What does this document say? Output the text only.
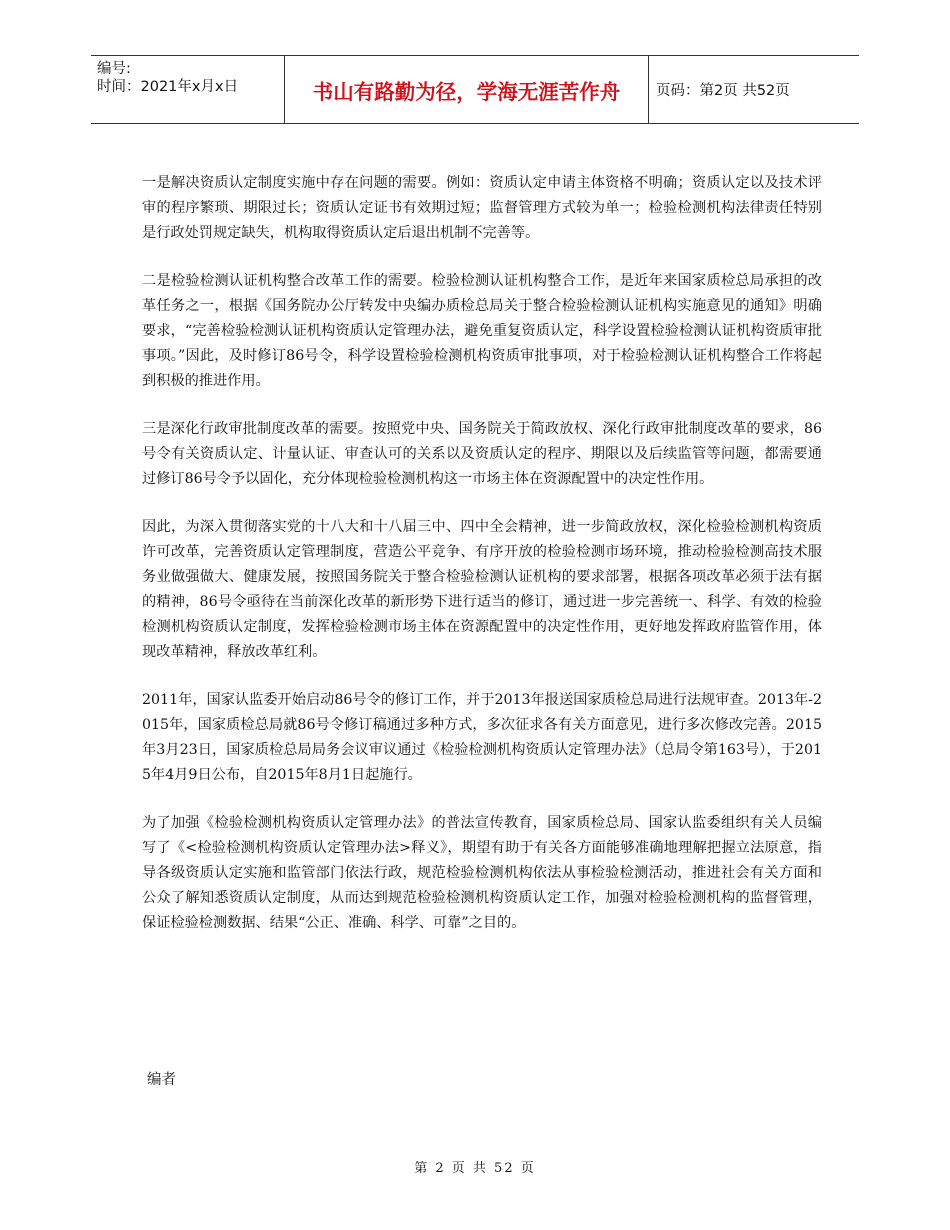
编号:
时间：2021年x月x日	书山有路勤为径，学海无涯苦作舟	页码：第2页 共52页

一是解决资质认定制度实施中存在问题的需要。例如：资质认定申请主体资格不明确；资质认定以及技术评审的程序繁琐、期限过长；资质认定证书有效期过短；监督管理方式较为单一；检验检测机构法律责任特别是行政处罚规定缺失，机构取得资质认定后退出机制不完善等。

二是检验检测认证机构整合改革工作的需要。检验检测认证机构整合工作，是近年来国家质检总局承担的改革任务之一，根据《国务院办公厅转发中央编办质检总局关于整合检验检测认证机构实施意见的通知》明确要求，“完善检验检测认证机构资质认定管理办法，避免重复资质认定，科学设置检验检测认证机构资质审批事项。”因此，及时修订86号令，科学设置检验检测机构资质审批事项，对于检验检测认证机构整合工作将起到积极的推进作用。

三是深化行政审批制度改革的需要。按照党中央、国务院关于简政放权、深化行政审批制度改革的要求，86号令有关资质认定、计量认证、审查认可的关系以及资质认定的程序、期限以及后续监管等问题，都需要通过修订86号令予以固化，充分体现检验检测机构这一市场主体在资源配置中的决定性作用。

因此，为深入贯彻落实党的十八大和十八届三中、四中全会精神，进一步简政放权，深化检验检测机构资质许可改革，完善资质认定管理制度，营造公平竞争、有序开放的检验检测市场环境，推动检验检测高技术服务业做强做大、健康发展，按照国务院关于整合检验检测认证机构的要求部署，根据各项改革必须于法有据的精神，86号令亟待在当前深化改革的新形势下进行适当的修订，通过进一步完善统一、科学、有效的检验检测机构资质认定制度，发挥检验检测市场主体在资源配置中的决定性作用，更好地发挥政府监管作用，体现改革精神，释放改革红利。

2011年，国家认监委开始启动86号令的修订工作，并于2013年报送国家质检总局进行法规审查。2013年-2015年，国家质检总局就86号令修订稿通过多种方式，多次征求各有关方面意见，进行多次修改完善。2015年3月23日，国家质检总局局务会议审议通过《检验检测机构资质认定管理办法》（总局令第163号），于2015年4月9日公布，自2015年8月1日起施行。

为了加强《检验检测机构资质认定管理办法》的普法宣传教育，国家质检总局、国家认监委组织有关人员编写了《<检验检测机构资质认定管理办法>释义》，期望有助于有关各方面能够准确地理解把握立法原意，指导各级资质认定实施和监管部门依法行政，规范检验检测机构依法从事检验检测活动，推进社会有关方面和公众了解知悉资质认定制度，从而达到规范检验检测机构资质认定工作，加强对检验检测机构的监督管理，保证检验检测数据、结果“公正、准确、科学、可靠”之目的。

编者
第 2 页 共 52 页
